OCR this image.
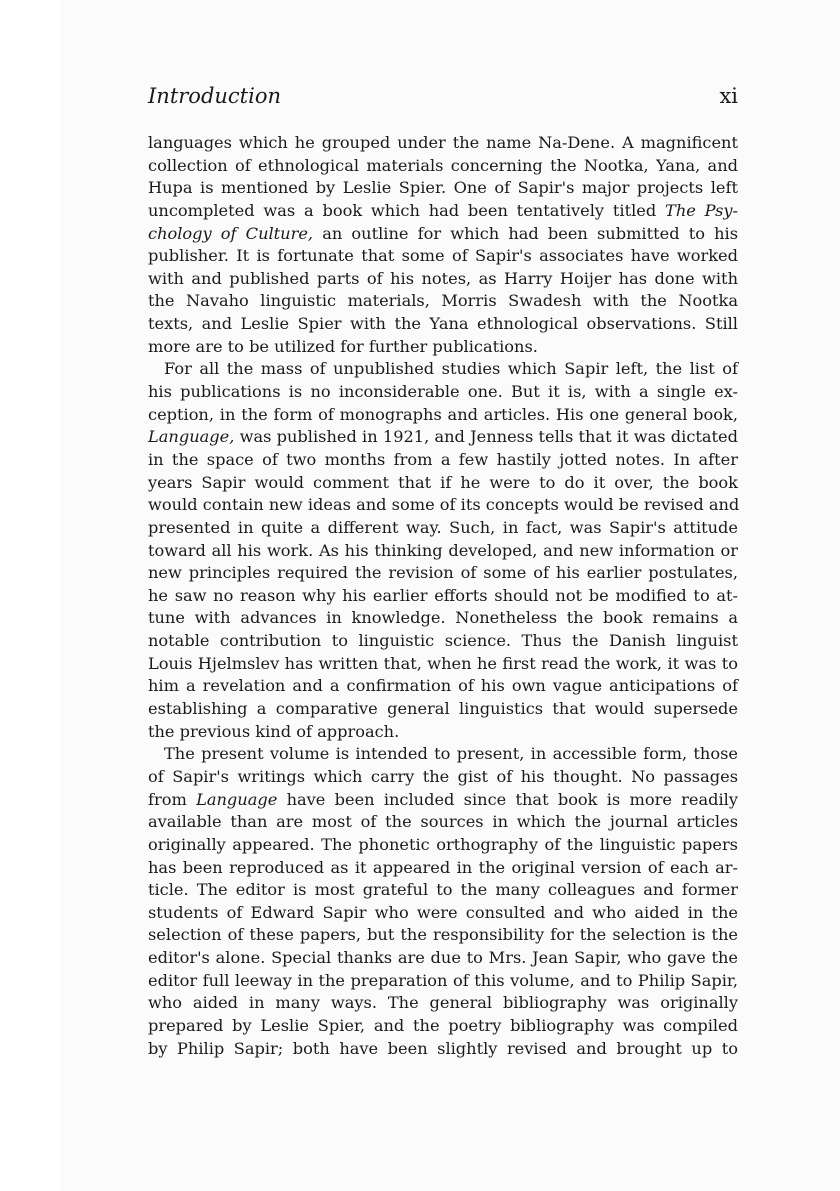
Introduction	xi
languages which he grouped under the name Na-Dene. A magnificent
collection of ethnological materials concerning the Nootka, Yana, and
Hupa is mentioned by Leslie Spier. One of Sapir's major projects left
uncompleted was a book which had been tentatively titled The Psy-
chology of Culture, an outline for which had been submitted to his
publisher. It is fortunate that some of Sapir's associates have worked
with and published parts of his notes, as Harry Hoijer has done with
the Navaho linguistic materials, Morris Swadesh with the Nootka
texts, and Leslie Spier with the Yana ethnological observations. Still
more are to be utilized for further publications.
For all the mass of unpublished studies which Sapir left, the list of
his publications is no inconsiderable one. But it is, with a single ex-
ception, in the form of monographs and articles. His one general book,
Language, was published in 1921, and Jenness tells that it was dictated
in the space of two months from a few hastily jotted notes. In after
years Sapir would comment that if he were to do it over, the book
would contain new ideas and some of its concepts would be revised and
presented in quite a different way. Such, in fact, was Sapir's attitude
toward all his work. As his thinking developed, and new information or
new principles required the revision of some of his earlier postulates,
he saw no reason why his earlier efforts should not be modified to at-
tune with advances in knowledge. Nonetheless the book remains a
notable contribution to linguistic science. Thus the Danish linguist
Louis Hjelmslev has written that, when he first read the work, it was to
him a revelation and a confirmation of his own vague anticipations of
establishing a comparative general linguistics that would supersede
the previous kind of approach.
The present volume is intended to present, in accessible form, those
of Sapir's writings which carry the gist of his thought. No passages
from Language have been included since that book is more readily
available than are most of the sources in which the journal articles
originally appeared. The phonetic orthography of the linguistic papers
has been reproduced as it appeared in the original version of each ar-
ticle. The editor is most grateful to the many colleagues and former
students of Edward Sapir who were consulted and who aided in the
selection of these papers, but the responsibility for the selection is the
editor's alone. Special thanks are due to Mrs. Jean Sapir, who gave the
editor full leeway in the preparation of this volume, and to Philip Sapir,
who aided in many ways. The general bibliography was originally
prepared by Leslie Spier, and the poetry bibliography was compiled
by Philip Sapir; both have been slightly revised and brought up to
